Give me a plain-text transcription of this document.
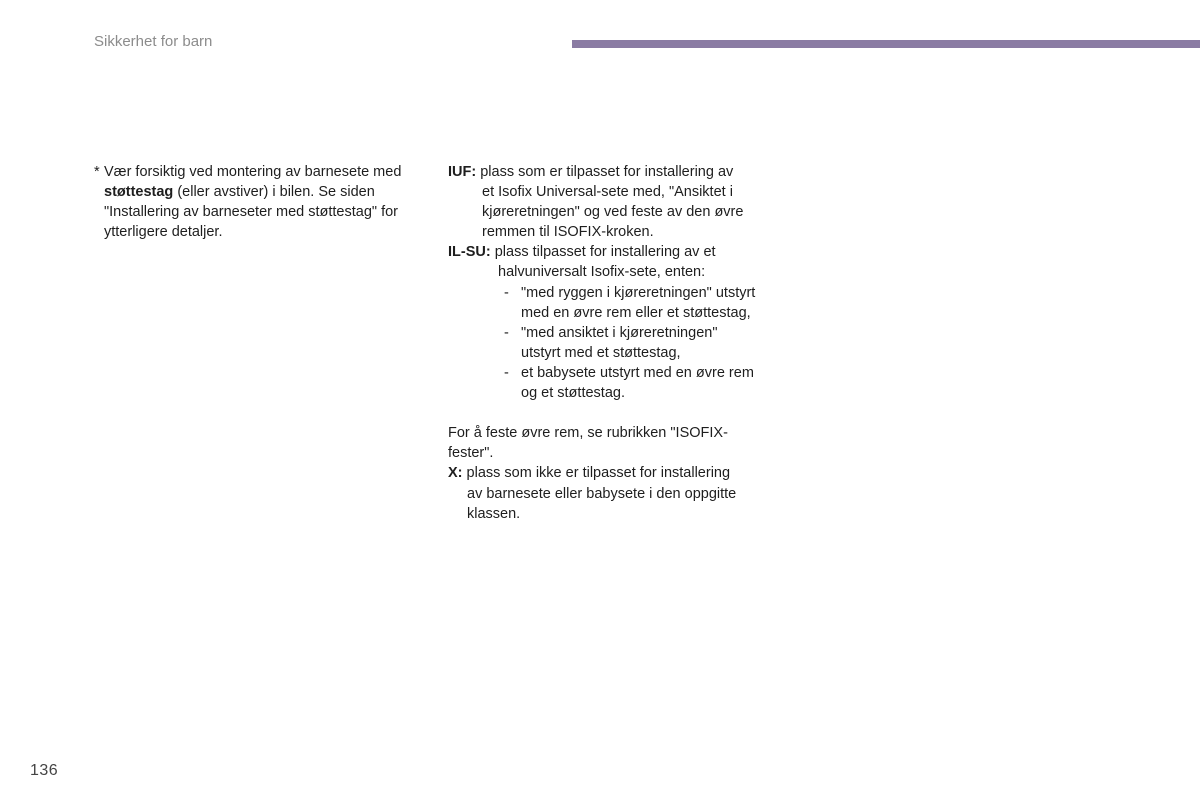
Sikkerhet for barn
* Vær forsiktig ved montering av barnesete med
støttestag (eller avstiver) i bilen. Se siden
"Installering av barneseter med støttestag" for
ytterligere detaljer.
IUF: plass som er tilpasset for installering av
et Isofix Universal-sete med, "Ansiktet i
kjøreretningen" og ved feste av den øvre
remmen til ISOFIX-kroken.
IL-SU: plass tilpasset for installering av et
halvuniversalt Isofix-sete, enten:
- "med ryggen i kjøreretningen" utstyrt
med en øvre rem eller et støttestag,
- "med ansiktet i kjøreretningen"
utstyrt med et støttestag,
- et babysete utstyrt med en øvre rem
og et støttestag.
For å feste øvre rem, se rubrikken "ISOFIX-
fester".
X: plass som ikke er tilpasset for installering
av barnesete eller babysete i den oppgitte
klassen.
136
